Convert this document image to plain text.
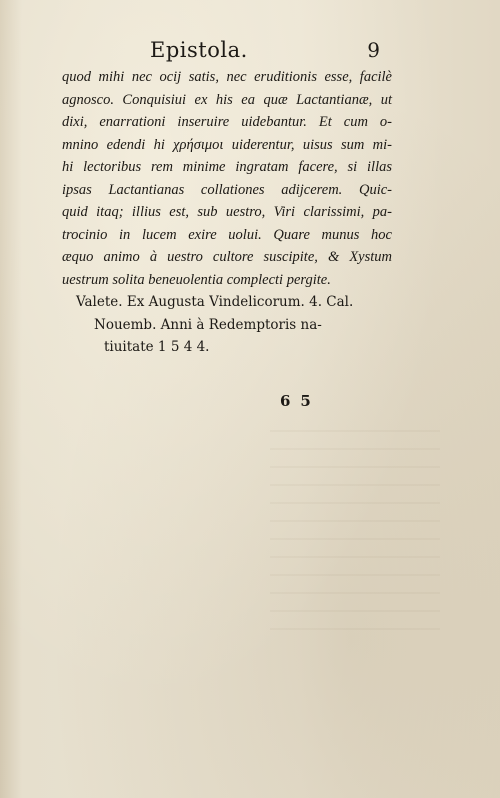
Epistola.	9
quod mihi nec ocij satis, nec eruditionis esse, facilè
agnosco. Conquisiui ex his ea quæ Lactantianæ, ut
dixi, enarrationi inseruire uidebantur. Et cum o-
mnino edendi hi χρήσιμοι uiderentur, uisus sum mi-
hi lectoribus rem minime ingratam facere, si illas
ipsas Lactantianas collationes adijcerem. Quic-
quid itaq; illius est, sub uestro, Viri clarissimi, pa-
trocinio in lucem exire uolui. Quare munus hoc
æquo animo à uestro cultore suscipite, & Xystum
uestrum solita beneuolentia complecti pergite.
Valete. Ex Augusta Vindelicorum. 4. Cal.
Nouemb. Anni à Redemptoris na-
tiuitate 1 5 4 4.
65
